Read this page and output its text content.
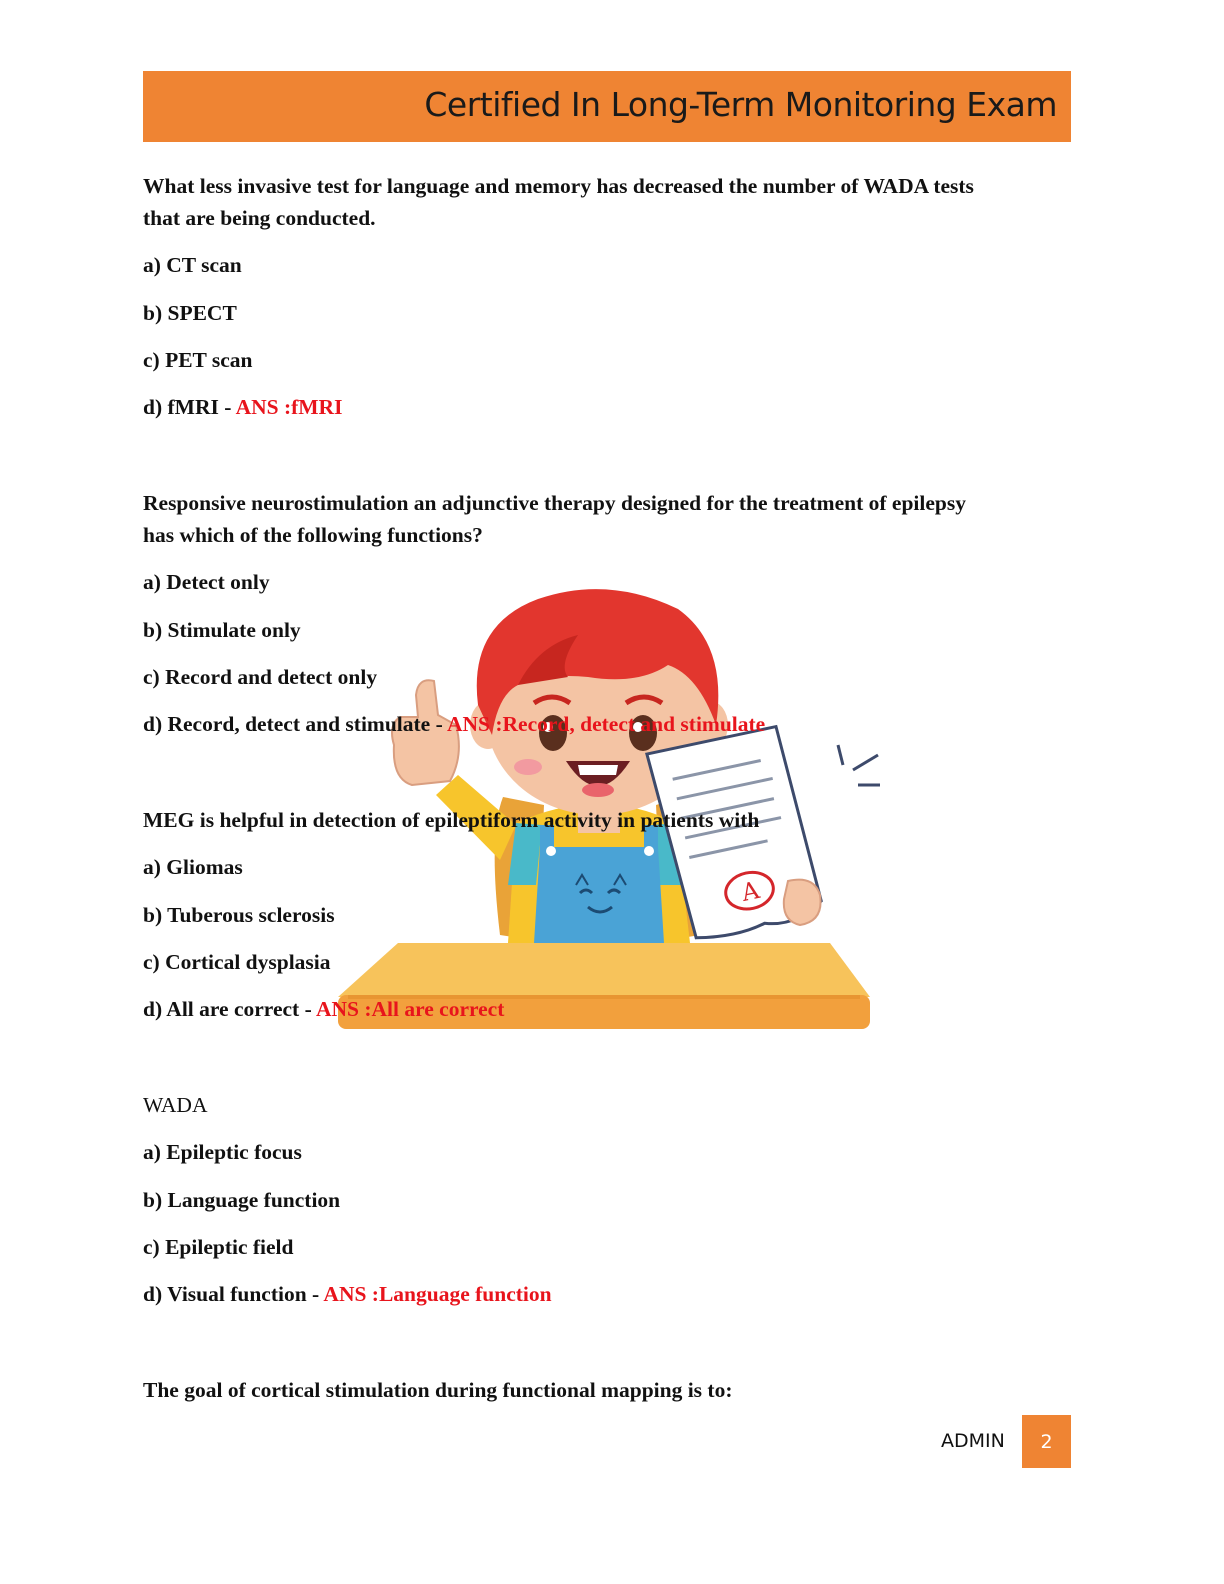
Certified In Long-Term Monitoring Exam
A
What less invasive test for language and memory has decreased the number of WADA tests
that are being conducted.
a) CT scan
b) SPECT
c) PET scan
d) fMRI - ANS :fMRI
Responsive neurostimulation an adjunctive therapy designed for the treatment of epilepsy
has which of the following functions?
a) Detect only
b) Stimulate only
c) Record and detect only
d) Record, detect and stimulate - ANS :Record, detect and stimulate
MEG is helpful in detection of epileptiform activity in patients with
a) Gliomas
b) Tuberous sclerosis
c) Cortical dysplasia
d) All are correct - ANS :All are correct
WADA
a) Epileptic focus
b) Language function
c) Epileptic field
d) Visual function - ANS :Language function
The goal of cortical stimulation during functional mapping is to:
ADMIN	2
